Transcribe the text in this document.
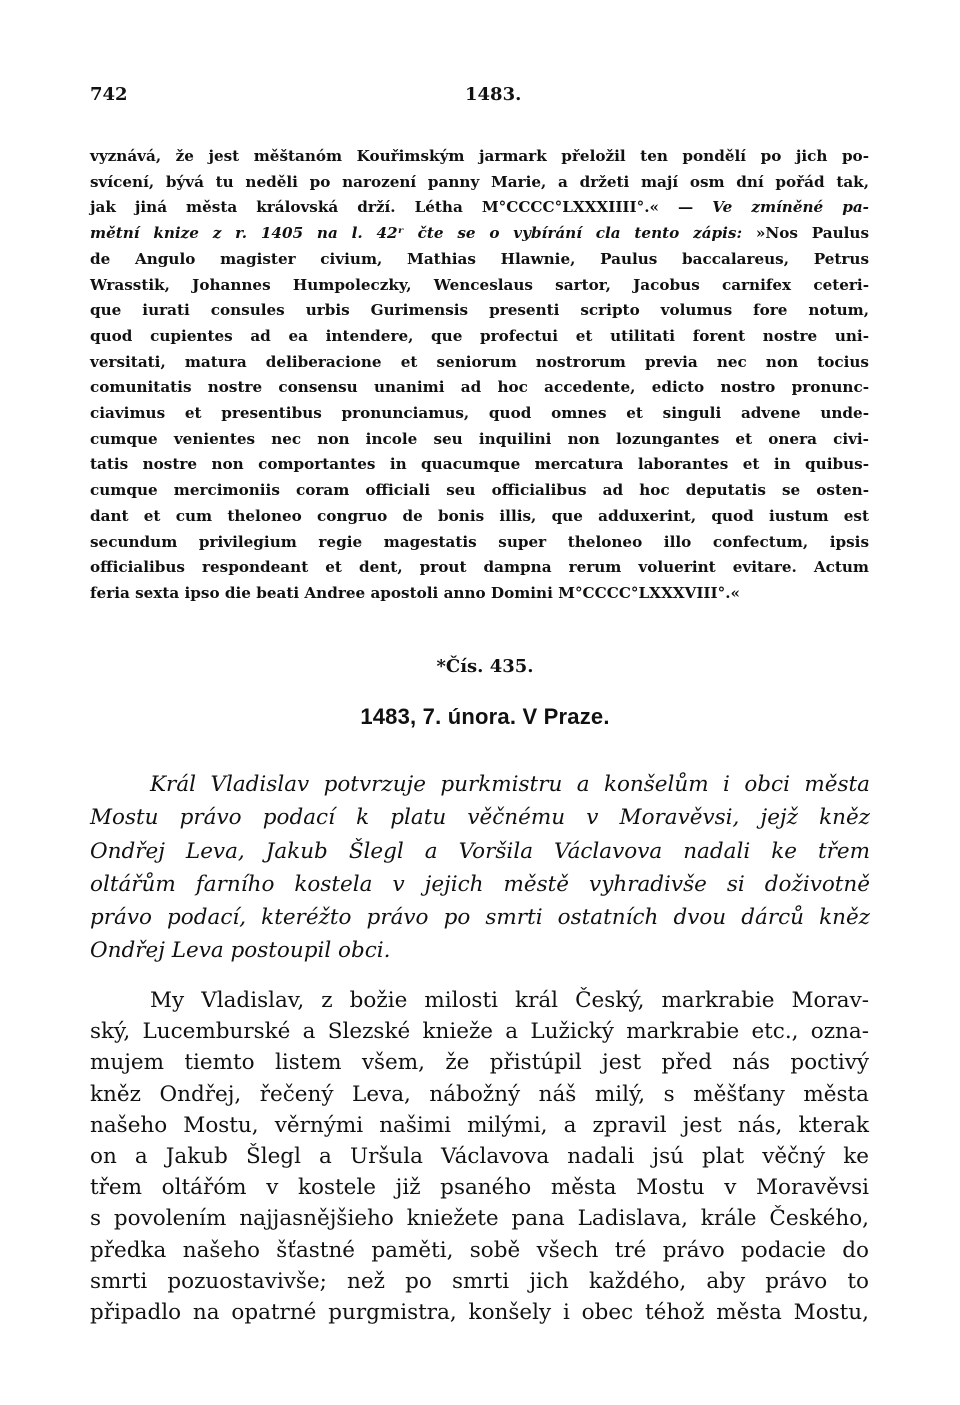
742	1483.
vyznává, že jest měštanóm Kouřimským jarmark přeložil ten pondělí po jich po-
svícení, bývá tu neděli po narození panny Marie, a držeti mají osm dní pořád tak,
jak jiná města královská drží. Létha M°CCCC°LXXXIIII°.« — Ve zmíněné pa-
mětní knize z r. 1405 na l. 42ʳ čte se o vybírání cla tento zápis: »Nos Paulus
de Angulo magister civium, Mathias Hlawnie, Paulus baccalareus, Petrus
Wrasstik, Johannes Humpoleczky, Wenceslaus sartor, Jacobus carnifex ceteri-
que iurati consules urbis Gurimensis presenti scripto volumus fore notum,
quod cupientes ad ea intendere, que profectui et utilitati forent nostre uni-
versitati, matura deliberacione et seniorum nostrorum previa nec non tocius
comunitatis nostre consensu unanimi ad hoc accedente, edicto nostro pronunc-
ciavimus et presentibus pronunciamus, quod omnes et singuli advene unde-
cumque venientes nec non incole seu inquilini non lozungantes et onera civi-
tatis nostre non comportantes in quacumque mercatura laborantes et in quibus-
cumque mercimoniis coram officiali seu officialibus ad hoc deputatis se osten-
dant et cum theloneo congruo de bonis illis, que adduxerint, quod iustum est
secundum privilegium regie magestatis super theloneo illo confectum, ipsis
officialibus respondeant et dent, prout dampna rerum voluerint evitare. Actum
feria sexta ipso die beati Andree apostoli anno Domini M°CCCC°LXXXVIII°.«
*Čís. 435.
1483, 7. února. V Praze.
Král Vladislav potvrzuje purkmistru a konšelům i obci města
Mostu právo podací k platu věčnému v Moravěvsi, jejž kněz
Ondřej Leva, Jakub Šlegl a Voršila Václavova nadali ke třem
oltářům farního kostela v jejich městě vyhradivše si doživotně
právo podací, kteréžto právo po smrti ostatních dvou dárců kněz
Ondřej Leva postoupil obci.
My Vladislav, z božie milosti král Český, markrabie Morav-
ský, Lucemburské a Slezské knieže a Lužický markrabie etc., ozna-
mujem tiemto listem všem, že přistúpil jest před nás poctivý
kněz Ondřej, řečený Leva, nábožný náš milý, s měšťany města
našeho Mostu, věrnými našimi milými, a zpravil jest nás, kterak
on a Jakub Šlegl a Uršula Václavova nadali jsú plat věčný ke
třem oltářóm v kostele již psaného města Mostu v Moravěvsi
s povolením najjasnějšieho kniežete pana Ladislava, krále Českého,
předka našeho šťastné paměti, sobě všech tré právo podacie do
smrti pozuostavivše; než po smrti jich každého, aby právo to
připadlo na opatrné purgmistra, konšely i obec téhož města Mostu,
